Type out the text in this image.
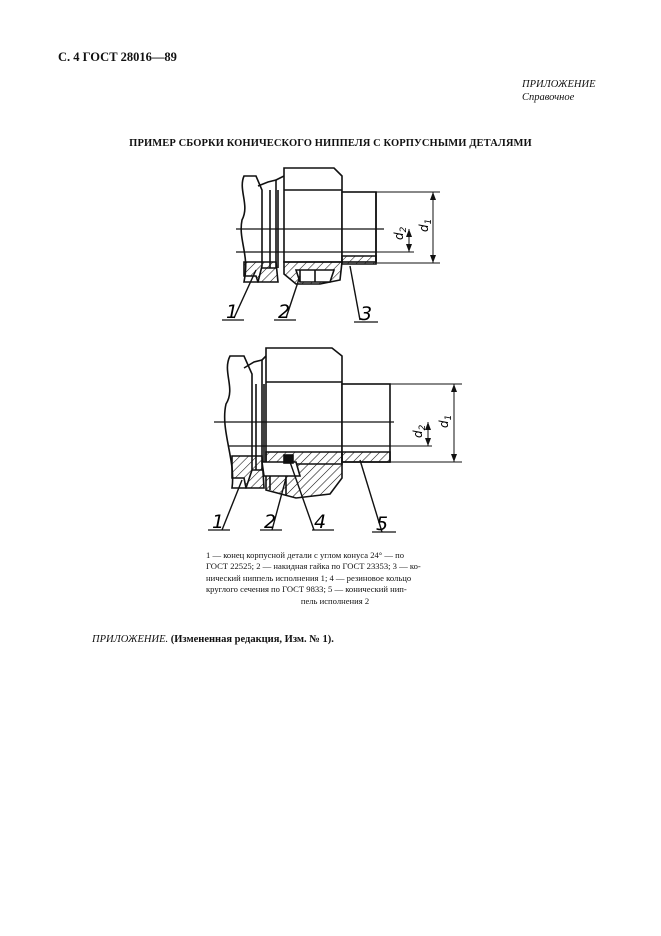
С. 4 ГОСТ 28016—89
ПРИЛОЖЕНИЕ
Справочное
ПРИМЕР СБОРКИ КОНИЧЕСКОГО НИППЕЛЯ С КОРПУСНЫМИ ДЕТАЛЯМИ
1 2	3
$d_1$
$d_2$
1 2 4	5
$d_1$
$d_2$
1 — конец корпусной детали с углом конуса 24° — по
ГОСТ 22525; 2 — накидная гайка по ГОСТ 23353; 3 — ко-
нический ниппель исполнения 1; 4 — резиновое кольцо
круглого сечения по ГОСТ 9833; 5 — конический нип-
пель исполнения 2
ПРИЛОЖЕНИЕ. (Измененная редакция, Изм. № 1).
